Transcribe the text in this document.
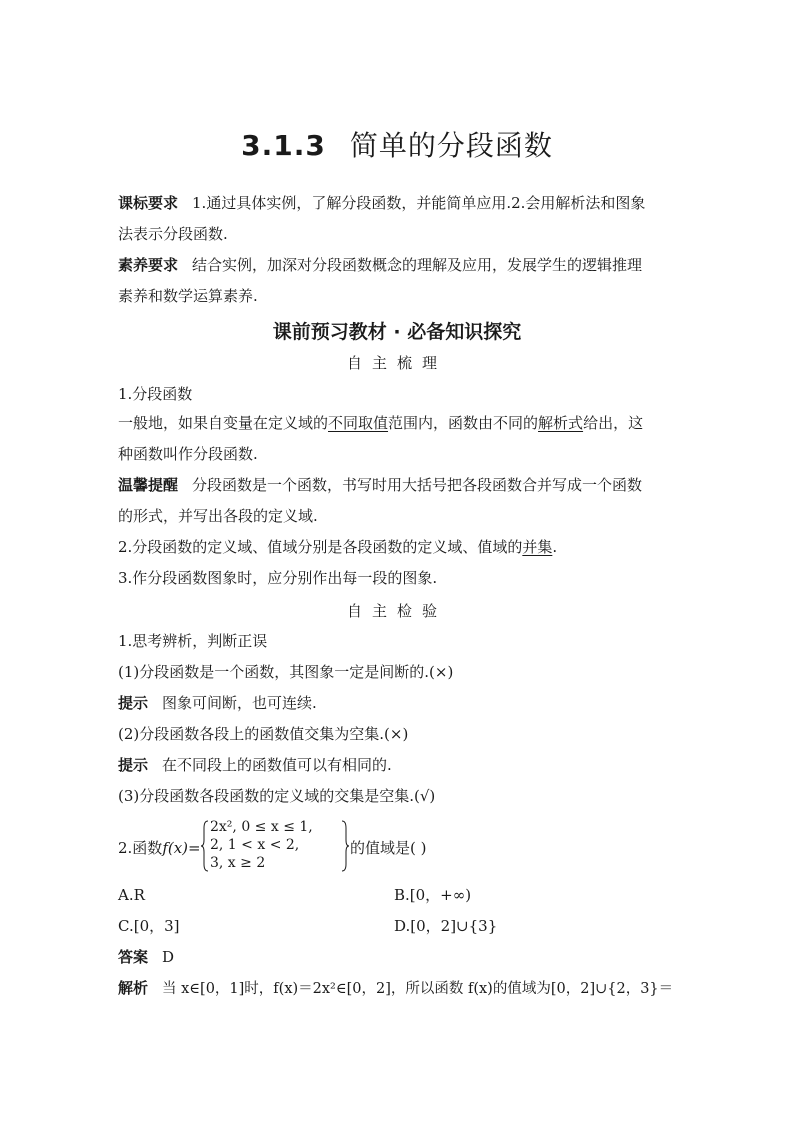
3.1.3 简单的分段函数
课标要求 1.通过具体实例，了解分段函数，并能简单应用.2.会用解析法和图象
法表示分段函数.
素养要求 结合实例，加深对分段函数概念的理解及应用，发展学生的逻辑推理
素养和数学运算素养.
课前预习教材 · 必备知识探究
自主梳理
1.分段函数
一般地，如果自变量在定义域的不同取值范围内，函数由不同的解析式给出，这
种函数叫作分段函数.
温馨提醒 分段函数是一个函数，书写时用大括号把各段函数合并写成一个函数
的形式，并写出各段的定义域.
2.分段函数的定义域、值域分别是各段函数的定义域、值域的并集.
3.作分段函数图象时，应分别作出每一段的图象.
自主检验
1.思考辨析，判断正误
(1)分段函数是一个函数，其图象一定是间断的.(×)
提示 图象可间断，也可连续.
(2)分段函数各段上的函数值交集为空集.(×)
提示 在不同段上的函数值可以有相同的.
(3)分段函数各段函数的定义域的交集是空集.(√)
2.函数f(x)=
2x², 0 ≤ x ≤ 1,
2, 1 < x < 2,
3, x ≥ 2
的值域是( )
A.R	B.[0，+∞)
C.[0，3]	D.[0，2]∪{3}
答案 D
解析 当 x∈[0，1]时，f(x)＝2x²∈[0，2]，所以函数 f(x)的值域为[0，2]∪{2，3}＝
